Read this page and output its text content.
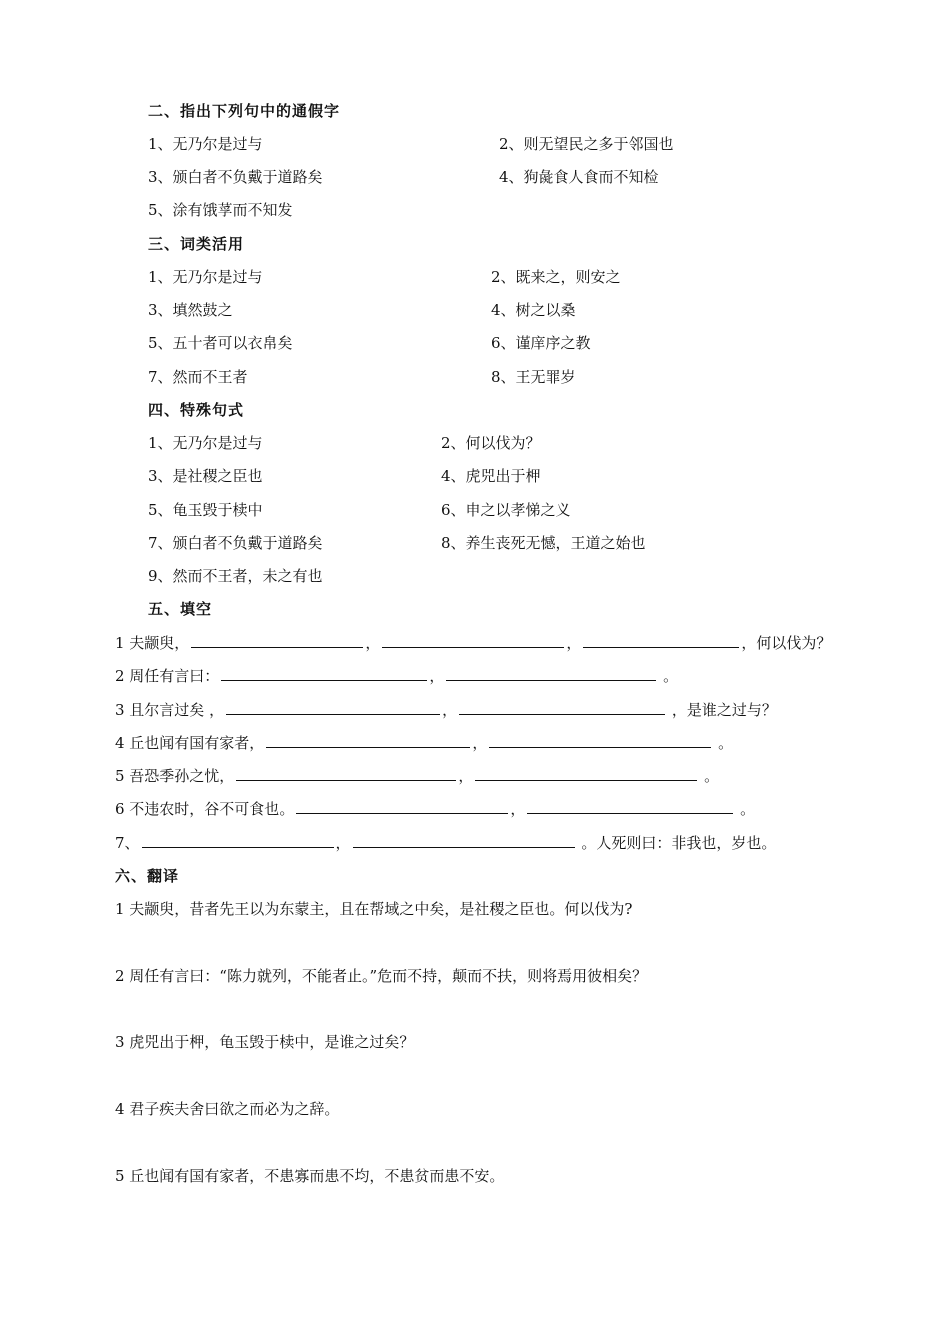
二、指出下列句中的通假字
1、无乃尔是过与	2、则无望民之多于邻国也
3、颁白者不负戴于道路矣	4、狗彘食人食而不知检
5、涂有饿莩而不知发
三、词类活用
1、无乃尔是过与	2、既来之，则安之
3、填然鼓之	4、树之以桑
5、五十者可以衣帛矣	6、谨庠序之教
7、然而不王者	8、王无罪岁
四、特殊句式
1、无乃尔是过与	2、何以伐为？
3、是社稷之臣也	4、虎兕出于柙
5、龟玉毁于椟中	6、申之以孝悌之义
7、颁白者不负戴于道路矣	8、养生丧死无憾，王道之始也
9、然而不王者，未之有也
五、填空
1 夫颛臾，	，	，	，何以伐为？
2 周任有言曰：	，	。
3 且尔言过矣 ，	，	，是谁之过与？
4 丘也闻有国有家者，	，	。
5 吾恐季孙之忧，	，	。
6 不违农时，谷不可食也。	，	。
7、	，	。人死则曰：非我也，岁也。
六、翻译
1 夫颛臾，昔者先王以为东蒙主，且在帮域之中矣，是社稷之臣也。何以伐为?
2 周任有言曰：“陈力就列，不能者止。”危而不持，颠而不扶，则将焉用彼相矣？
3 虎兕出于柙，龟玉毁于椟中，是谁之过矣？
4 君子疾夫舍曰欲之而必为之辞。
5 丘也闻有国有家者，不患寡而患不均，不患贫而患不安。
